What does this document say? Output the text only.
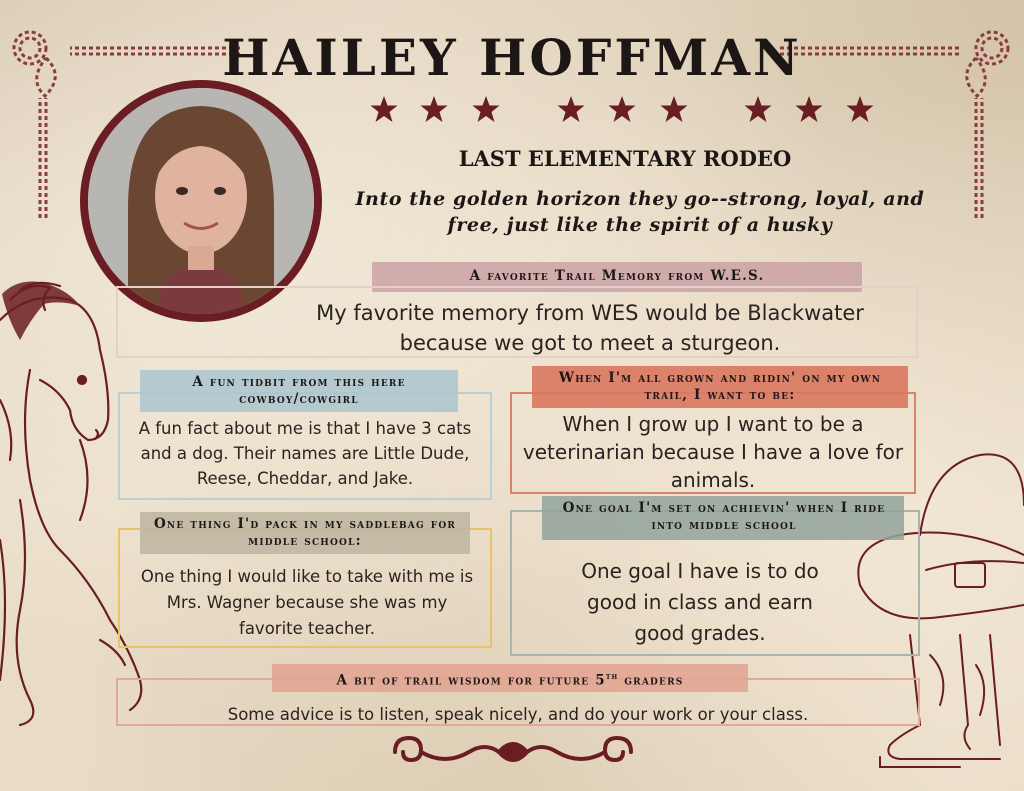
HAILEY HOFFMAN
LAST ELEMENTARY RODEO
Into the golden horizon they go--strong, loyal, and free, just like the spirit of a husky
A favorite Trail Memory from W.E.S.
My favorite memory from WES would be Blackwater because we got to meet a sturgeon.
A fun tidbit from this here cowboy/cowgirl
A fun fact about me is that I have 3 cats and a dog. Their names are Little Dude, Reese, Cheddar, and Jake.
When I'm all grown and ridin' on my own trail, I want to be:
When I grow up I want to be a veterinarian because I have a love for animals.
One thing I'd pack in my saddlebag for middle school:
One thing I would like to take with me is Mrs. Wagner because she was my favorite teacher.
One goal I'm set on achievin' when I ride into middle school
One goal I have is to do good in class and earn good grades.
A bit of trail wisdom for future 5th graders
Some advice is to listen, speak nicely, and do your work or your class.
